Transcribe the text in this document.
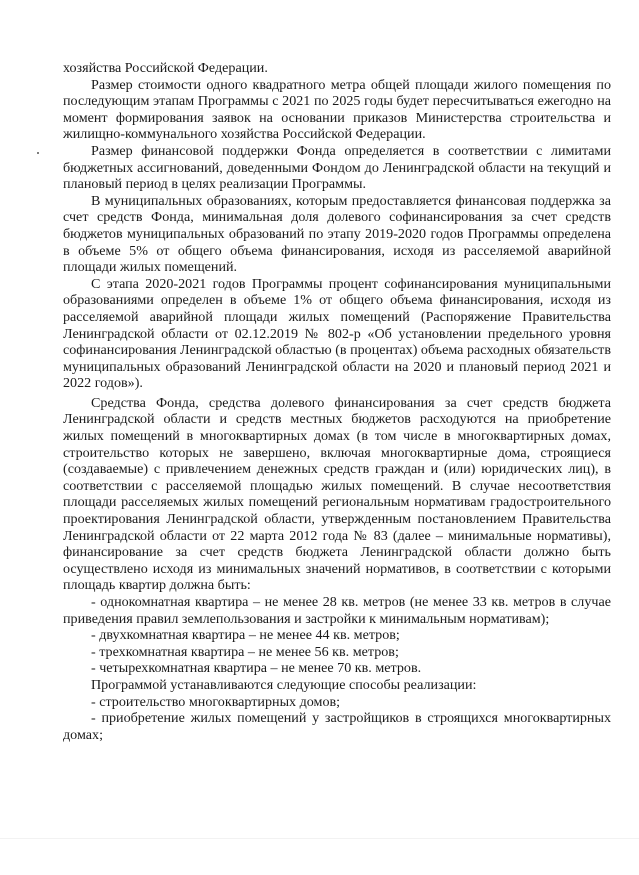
хозяйства Российской Федерации.

Размер стоимости одного квадратного метра общей площади жилого помещения по последующим этапам Программы с 2021 по 2025 годы будет пересчитываться ежегодно на момент формирования заявок на основании приказов Министерства строительства и жилищно-коммунального хозяйства Российской Федерации.

Размер финансовой поддержки Фонда определяется в соответствии с лимитами бюджетных ассигнований, доведенными Фондом до Ленинградской области на текущий и плановый период в целях реализации Программы.

В муниципальных образованиях, которым предоставляется финансовая поддержка за счет средств Фонда, минимальная доля долевого софинансирования за счет средств бюджетов муниципальных образований по этапу 2019-2020 годов Программы определена в объеме 5% от общего объема финансирования, исходя из расселяемой аварийной площади жилых помещений.

С этапа 2020-2021 годов Программы процент софинансирования муниципальными образованиями определен в объеме 1% от общего объема финансирования, исходя из расселяемой аварийной площади жилых помещений (Распоряжение Правительства Ленинградской области от 02.12.2019 № 802-р «Об установлении предельного уровня софинансирования Ленинградской областью (в процентах) объема расходных обязательств муниципальных образований Ленинградской области на 2020 и плановый период 2021 и 2022 годов»).

Средства Фонда, средства долевого финансирования за счет средств бюджета Ленинградской области и средств местных бюджетов расходуются на приобретение жилых помещений в многоквартирных домах (в том числе в многоквартирных домах, строительство которых не завершено, включая многоквартирные дома, строящиеся (создаваемые) с привлечением денежных средств граждан и (или) юридических лиц), в соответствии с расселяемой площадью жилых помещений. В случае несоответствия площади расселяемых жилых помещений региональным нормативам градостроительного проектирования Ленинградской области, утвержденным постановлением Правительства Ленинградской области от 22 марта 2012 года № 83 (далее – минимальные нормативы), финансирование за счет средств бюджета Ленинградской области должно быть осуществлено исходя из минимальных значений нормативов, в соответствии с которыми площадь квартир должна быть:

- однокомнатная квартира – не менее 28 кв. метров (не менее 33 кв. метров в случае приведения правил землепользования и застройки к минимальным нормативам);

- двухкомнатная квартира – не менее 44 кв. метров;

- трехкомнатная квартира – не менее 56 кв. метров;

- четырехкомнатная квартира – не менее 70 кв. метров.

Программой устанавливаются следующие способы реализации:

- строительство многоквартирных домов;

- приобретение жилых помещений у застройщиков в строящихся многоквартирных домах;
